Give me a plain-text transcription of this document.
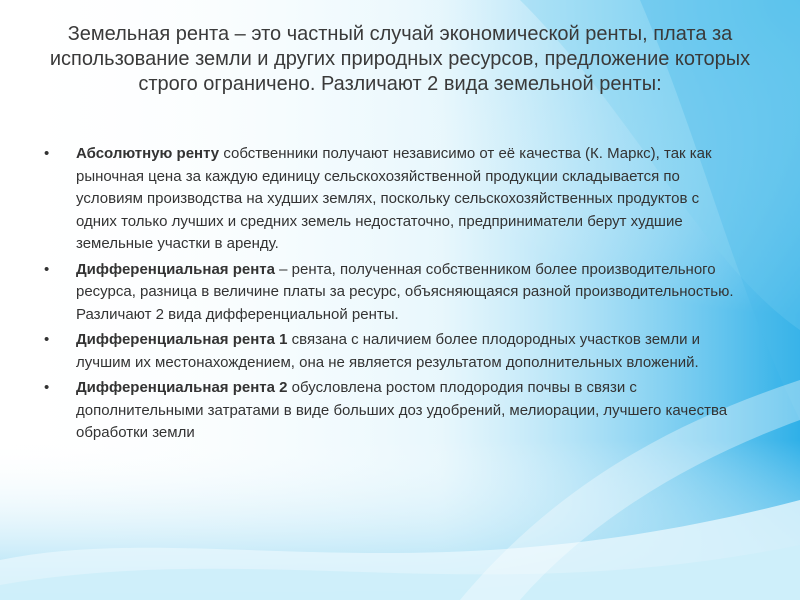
Земельная рента – это частный случай экономической ренты, плата за использование земли и других природных ресурсов, предложение которых строго ограничено. Различают 2 вида земельной ренты:
• Абсолютную ренту собственники получают независимо от её качества (К. Маркс), так как рыночная цена за каждую единицу сельскохозяйственной продукции складывается по условиям производства на худших землях, поскольку сельскохозяйственных продуктов с одних только лучших и средних земель недостаточно, предприниматели берут худшие земельные участки в аренду.
• Дифференциальная рента – рента, полученная собственником более производительного ресурса, разница в величине платы за ресурс, объясняющаяся разной производительностью. Различают 2 вида дифференциальной ренты.
• Дифференциальная рента 1 связана с наличием более плодородных участков земли и лучшим их местонахождением, она не является результатом дополнительных вложений.
• Дифференциальная рента 2 обусловлена ростом плодородия почвы в связи с дополнительными затратами в виде больших доз удобрений, мелиорации, лучшего качества обработки земли
